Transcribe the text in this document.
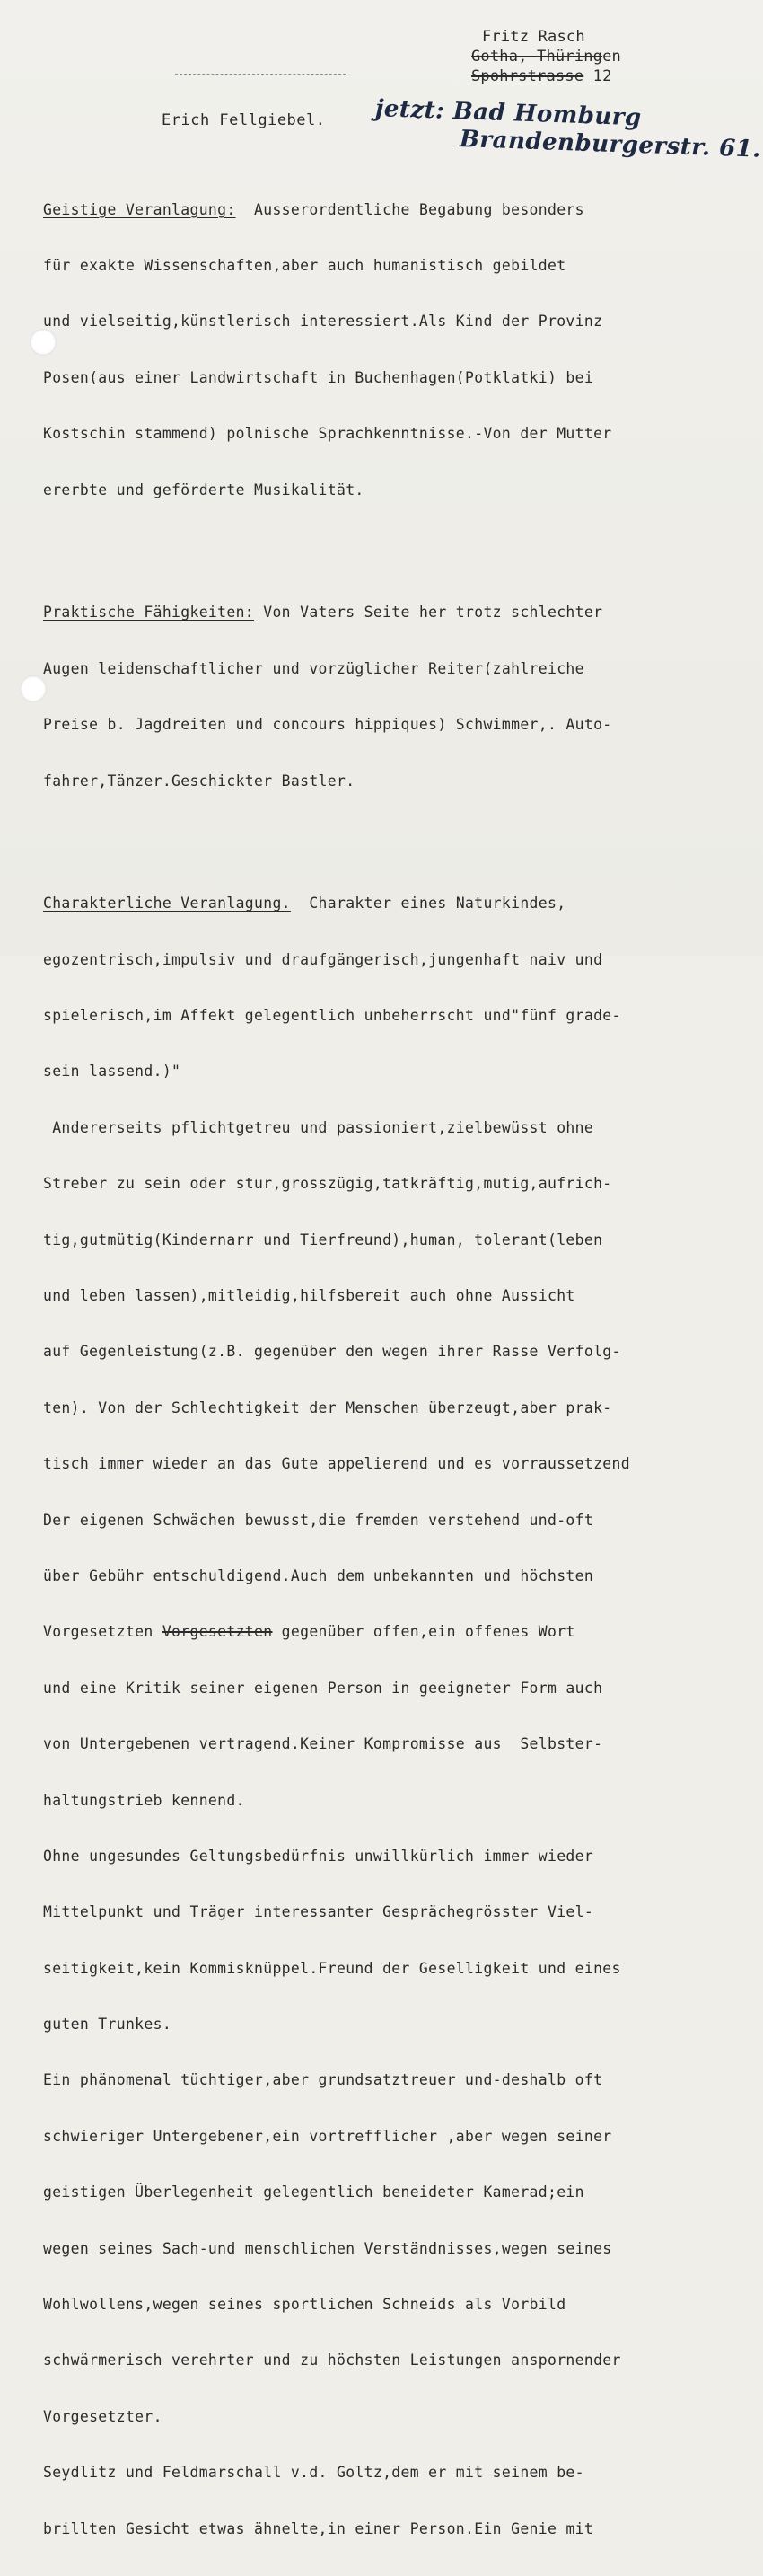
Fritz Rasch
Gotha, Thüringen
Spohrstrasse 12
Erich Fellgiebel. jetzt: Bad Homburg
Brandenburgerstr. 61.

Geistige Veranlagung:  Ausserordentliche Begabung besonders

für exakte Wissenschaften,aber auch humanistisch gebildet

und vielseitig,künstlerisch interessiert.Als Kind der Provinz

Posen(aus einer Landwirtschaft in Buchenhagen(Potklatki) bei

Kostschin stammend) polnische Sprachkenntnisse.-Von der Mutter

ererbte und geförderte Musikalität.

Praktische Fähigkeiten: Von Vaters Seite her trotz schlechter

Augen leidenschaftlicher und vorzüglicher Reiter(zahlreiche

Preise b. Jagdreiten und concours hippiques) Schwimmer,. Auto-

fahrer,Tänzer.Geschickter Bastler.

Charakterliche Veranlagung.  Charakter eines Naturkindes,

egozentrisch,impulsiv und draufgängerisch,jungenhaft naiv und

spielerisch,im Affekt gelegentlich unbeherrscht und"fünf grade-

sein lassend.)"

Andererseits pflichtgetreu und passioniert,zielbewüsst ohne

Streber zu sein oder stur,grosszügig,tatkräftig,mutig,aufrich-

tig,gutmütig(Kindernarr und Tierfreund),human, tolerant(leben

und leben lassen),mitleidig,hilfsbereit auch ohne Aussicht

auf Gegenleistung(z.B. gegenüber den wegen ihrer Rasse Verfolg-

ten). Von der Schlechtigkeit der Menschen überzeugt,aber prak-

tisch immer wieder an das Gute appelierend und es vorraussetzend

Der eigenen Schwächen bewusst,die fremden verstehend und-oft

über Gebühr entschuldigend.Auch dem unbekannten und höchsten

Vorgesetzten Vorgesetzten gegenüber offen,ein offenes Wort

und eine Kritik seiner eigenen Person in geeigneter Form auch

von Untergebenen vertragend.Keiner Kompromisse aus  Selbster-

haltungstrieb kennend.

Ohne ungesundes Geltungsbedürfnis unwillkürlich immer wieder

Mittelpunkt und Träger interessanter Gesprächegrösster Viel-

seitigkeit,kein Kommisknüppel.Freund der Geselligkeit und eines

guten Trunkes.

Ein phänomenal tüchtiger,aber grundsatztreuer und-deshalb oft

schwieriger Untergebener,ein vortrefflicher ,aber wegen seiner

geistigen Überlegenheit gelegentlich beneideter Kamerad;ein

wegen seines Sach-und menschlichen Verständnisses,wegen seines

Wohlwollens,wegen seines sportlichen Schneids als Vorbild

schwärmerisch verehrter und zu höchsten Leistungen anspornender

Vorgesetzter.

Seydlitz und Feldmarschall v.d. Goltz,dem er mit seinem be-

brillten Gesicht etwas ähnelte,in einer Person.Ein Genie mit
